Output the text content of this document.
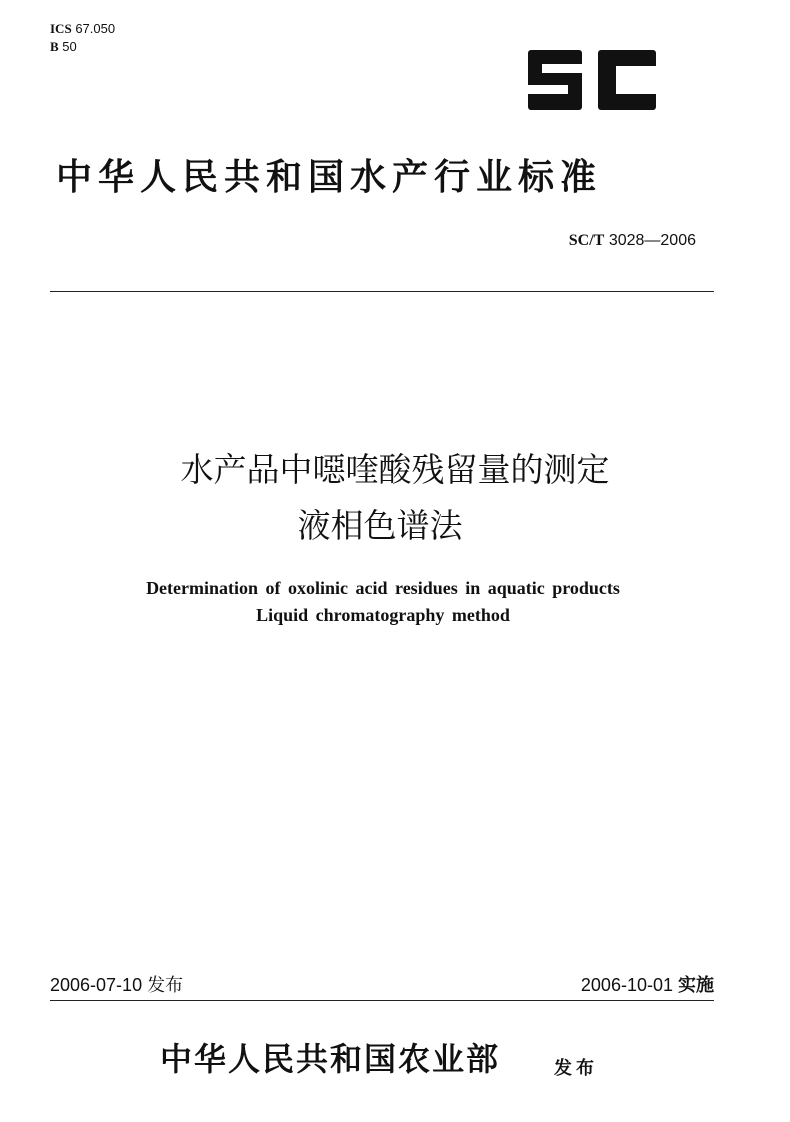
ICS 67.050
B 50
中华人民共和国水产行业标准
SC/T 3028—2006
水产品中噁喹酸残留量的测定
液相色谱法
Determination of oxolinic acid residues in aquatic products
Liquid chromatography method
2006-07-10 发布	2006-10-01 实施
中华人民共和国农业部	发布
